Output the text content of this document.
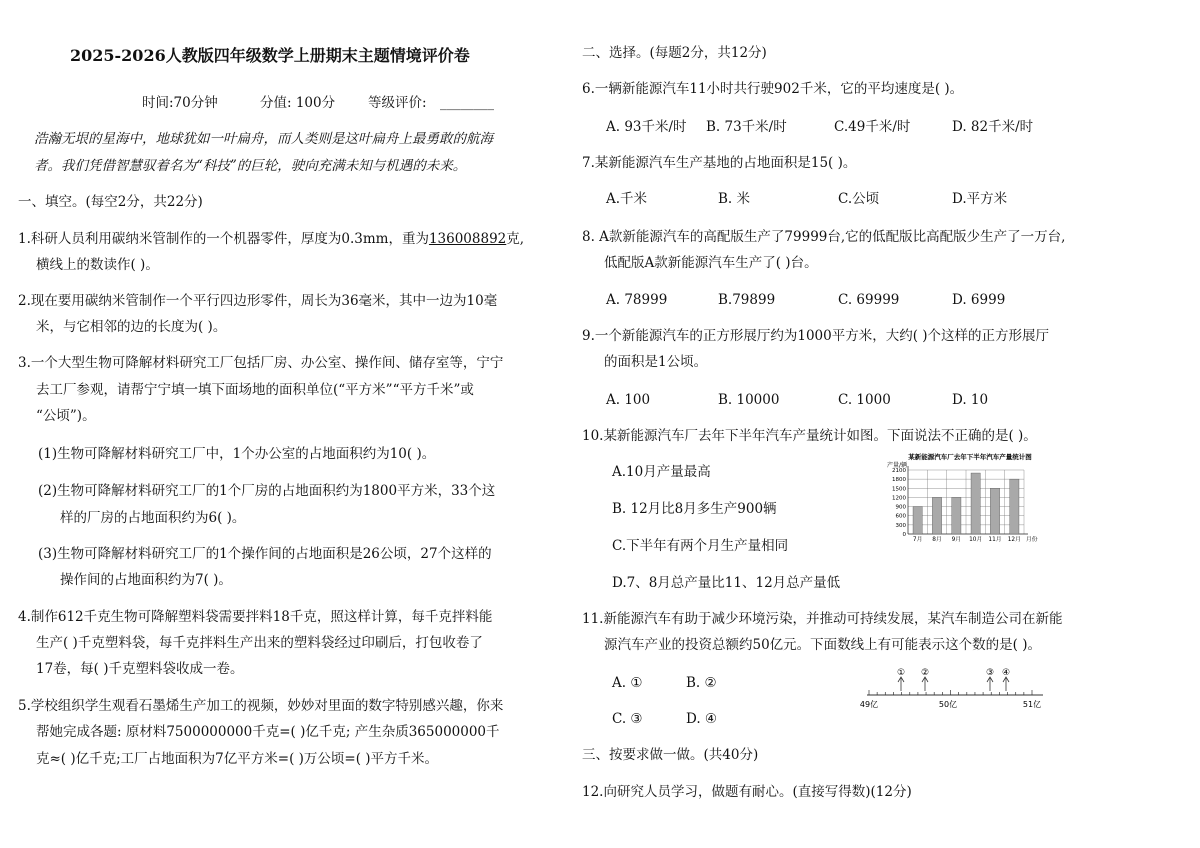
2025-2026人教版四年级数学上册期末主题情境评价卷
时间:70分钟	分值: 100分 等级评价: ________
浩瀚无垠的星海中，地球犹如一叶扁舟，而人类则是这叶扁舟上最勇敢的航海
者。我们凭借智慧驭着名为“科技”的巨轮，驶向充满未知与机遇的未来。
一、填空。(每空2分，共22分)
1.科研人员利用碳纳米管制作的一个机器零件，厚度为0.3mm，重为136008892克,
横线上的数读作( )。
2.现在要用碳纳米管制作一个平行四边形零件，周长为36毫米，其中一边为10毫
米，与它相邻的边的长度为( )。
3.一个大型生物可降解材料研究工厂包括厂房、办公室、操作间、储存室等，宁宁
去工厂参观，请帮宁宁填一填下面场地的面积单位(“平方米”“平方千米”或
“公顷”)。
(1)生物可降解材料研究工厂中，1个办公室的占地面积约为10( )。
(2)生物可降解材料研究工厂的1个厂房的占地面积约为1800平方米，33个这
样的厂房的占地面积约为6( )。
(3)生物可降解材料研究工厂的1个操作间的占地面积是26公顷，27个这样的
操作间的占地面积约为7( )。
4.制作612千克生物可降解塑料袋需要拌料18千克，照这样计算，每千克拌料能
生产( )千克塑料袋，每千克拌料生产出来的塑料袋经过印刷后，打包收卷了
17卷，每( )千克塑料袋收成一卷。
5.学校组织学生观看石墨烯生产加工的视频，妙妙对里面的数字特别感兴趣，你来
帮她完成各题: 原材料7500000000千克=( )亿千克; 产生杂质365000000千
克≈( )亿千克;工厂占地面积为7亿平方米=( )万公顷=( )平方千米。
二、选择。(每题2分，共12分)
6.一辆新能源汽车11小时共行驶902千米，它的平均速度是( )。
A. 93千米/时 B. 73千米/时	C.49千米/时	D. 82千米/时
7.某新能源汽车生产基地的占地面积是15( )。
A.千米	B. 米	C.公顷	D.平方米
8. A款新能源汽车的高配版生产了79999台,它的低配版比高配版少生产了一万台,
低配版A款新能源汽车生产了( )台。
A. 78999	B.79899	C. 69999	D. 6999
9.一个新能源汽车的正方形展厅约为1000平方米，大约( )个这样的正方形展厅
的面积是1公顷。
A. 100	B. 10000	C. 1000	D. 10
10.某新能源汽车厂去年下半年汽车产量统计如图。下面说法不正确的是( )。
A.10月产量最高
B. 12月比8月多生产900辆
C.下半年有两个月生产量相同
D.7、8月总产量比11、12月总产量低
某新能源汽车厂去年下半年汽车产量统计图
产量/辆
0
300
600
900
1200
1500
1800
2100
7月 8月 9月 10月 11月 12月 月份
11.新能源汽车有助于减少环境污染，并推动可持续发展，某汽车制造公司在新能
源汽车产业的投资总额约50亿元。下面数线上有可能表示这个数的是( )。
A. ①	B. ②
C. ③	D. ④
① ②	③ ④
49亿	50亿	51亿
三、按要求做一做。(共40分)
12.向研究人员学习，做题有耐心。(直接写得数)(12分)
